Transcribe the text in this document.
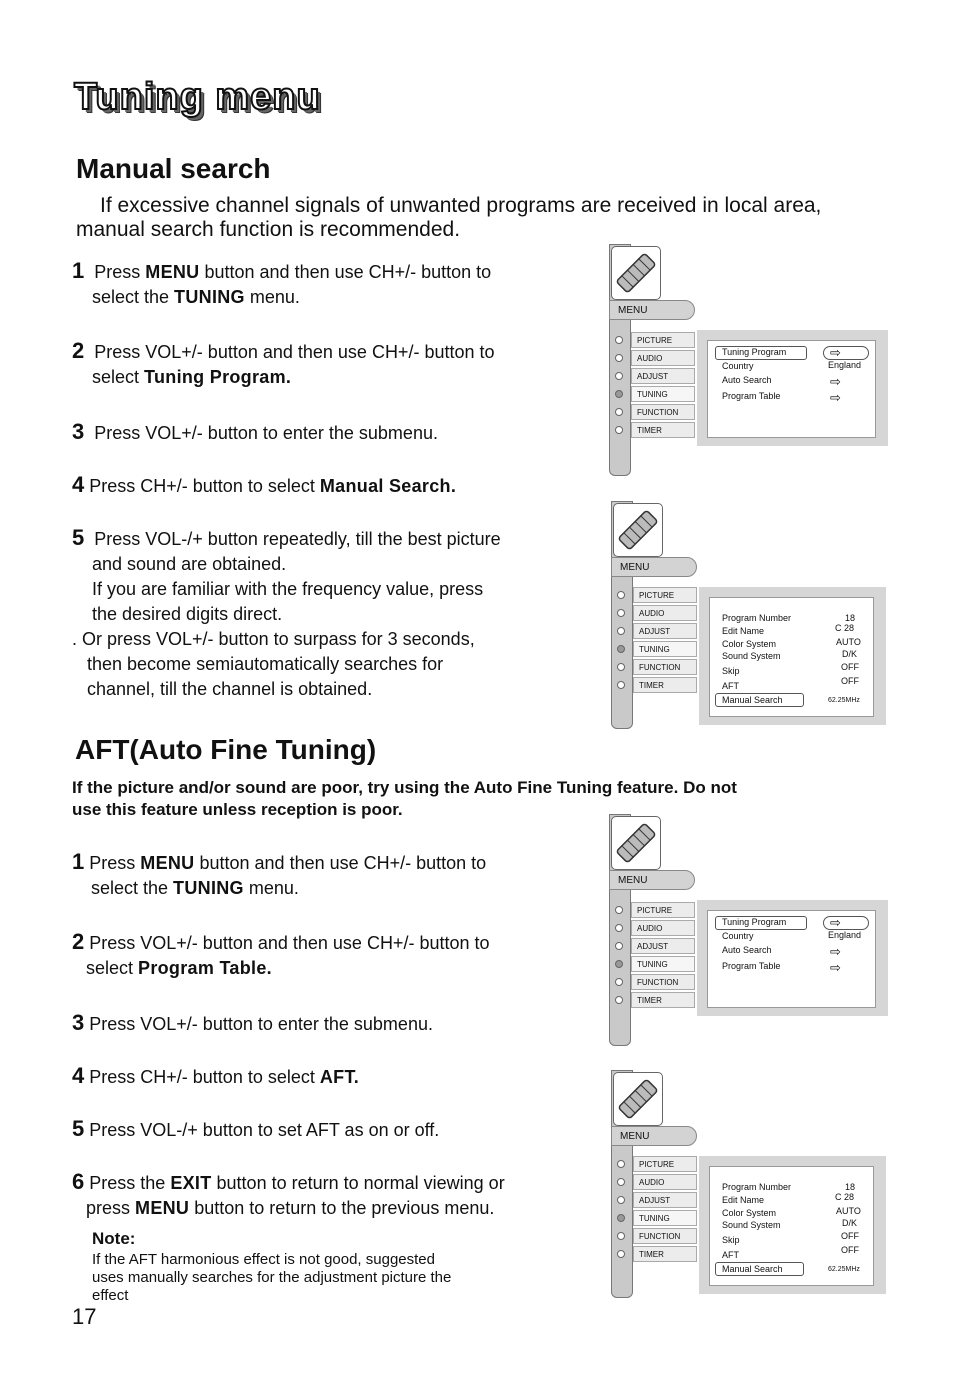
Tuning menu
Manual search
If excessive channel signals of unwanted programs are received in local area,
manual search function is recommended.
1 Press MENU button and then use CH+/- button to
select the TUNING menu.
2 Press VOL+/- button and then use CH+/- button to
select Tuning Program.
3 Press VOL+/- button to enter the submenu.
4 Press CH+/- button to select Manual Search.
5 Press VOL-/+ button repeatedly, till the best picture
and sound are obtained.
If you are familiar with the frequency value, press
the desired digits direct.
. Or press VOL+/- button to surpass for 3 seconds,
then become semiautomatically searches for
channel, till the channel is obtained.
AFT(Auto Fine Tuning)
If the picture and/or sound are poor, try using the Auto Fine Tuning feature. Do not
use this feature unless reception is poor.
1 Press MENU button and then use CH+/- button to
select the TUNING menu.
2 Press VOL+/- button and then use CH+/- button to
select Program Table.
3 Press VOL+/- button to enter the submenu.
4 Press CH+/- button to select AFT.
5 Press VOL-/+ button to set AFT as on or off.
6 Press the EXIT button to return to normal viewing or
press MENU button to return to the previous menu.
Note:
If the AFT harmonious effect is not good, suggested
uses manually searches for the adjustment picture the
effect
17
MENU
PICTURE
AUDIO
ADJUST
TUNING
FUNCTION
TIMER
Tuning Program
Country	England
Auto Search
Program Table
⇨
⇨
⇨
MENU
PICTURE
AUDIO
ADJUST
TUNING
FUNCTION
TIMER
Program Number
Edit Name
Color System
Sound System
Skip
AFT
Manual Search
18
C 28
AUTO
D/K
OFF
OFF
62.25MHz
MENU
PICTURE
AUDIO
ADJUST
TUNING
FUNCTION
TIMER
Tuning Program
Country	England
Auto Search
Program Table
⇨
⇨
⇨
MENU
PICTURE
AUDIO
ADJUST
TUNING
FUNCTION
TIMER
Program Number
Edit Name
Color System
Sound System
Skip
AFT
Manual Search
18
C 28
AUTO
D/K
OFF
OFF
62.25MHz
